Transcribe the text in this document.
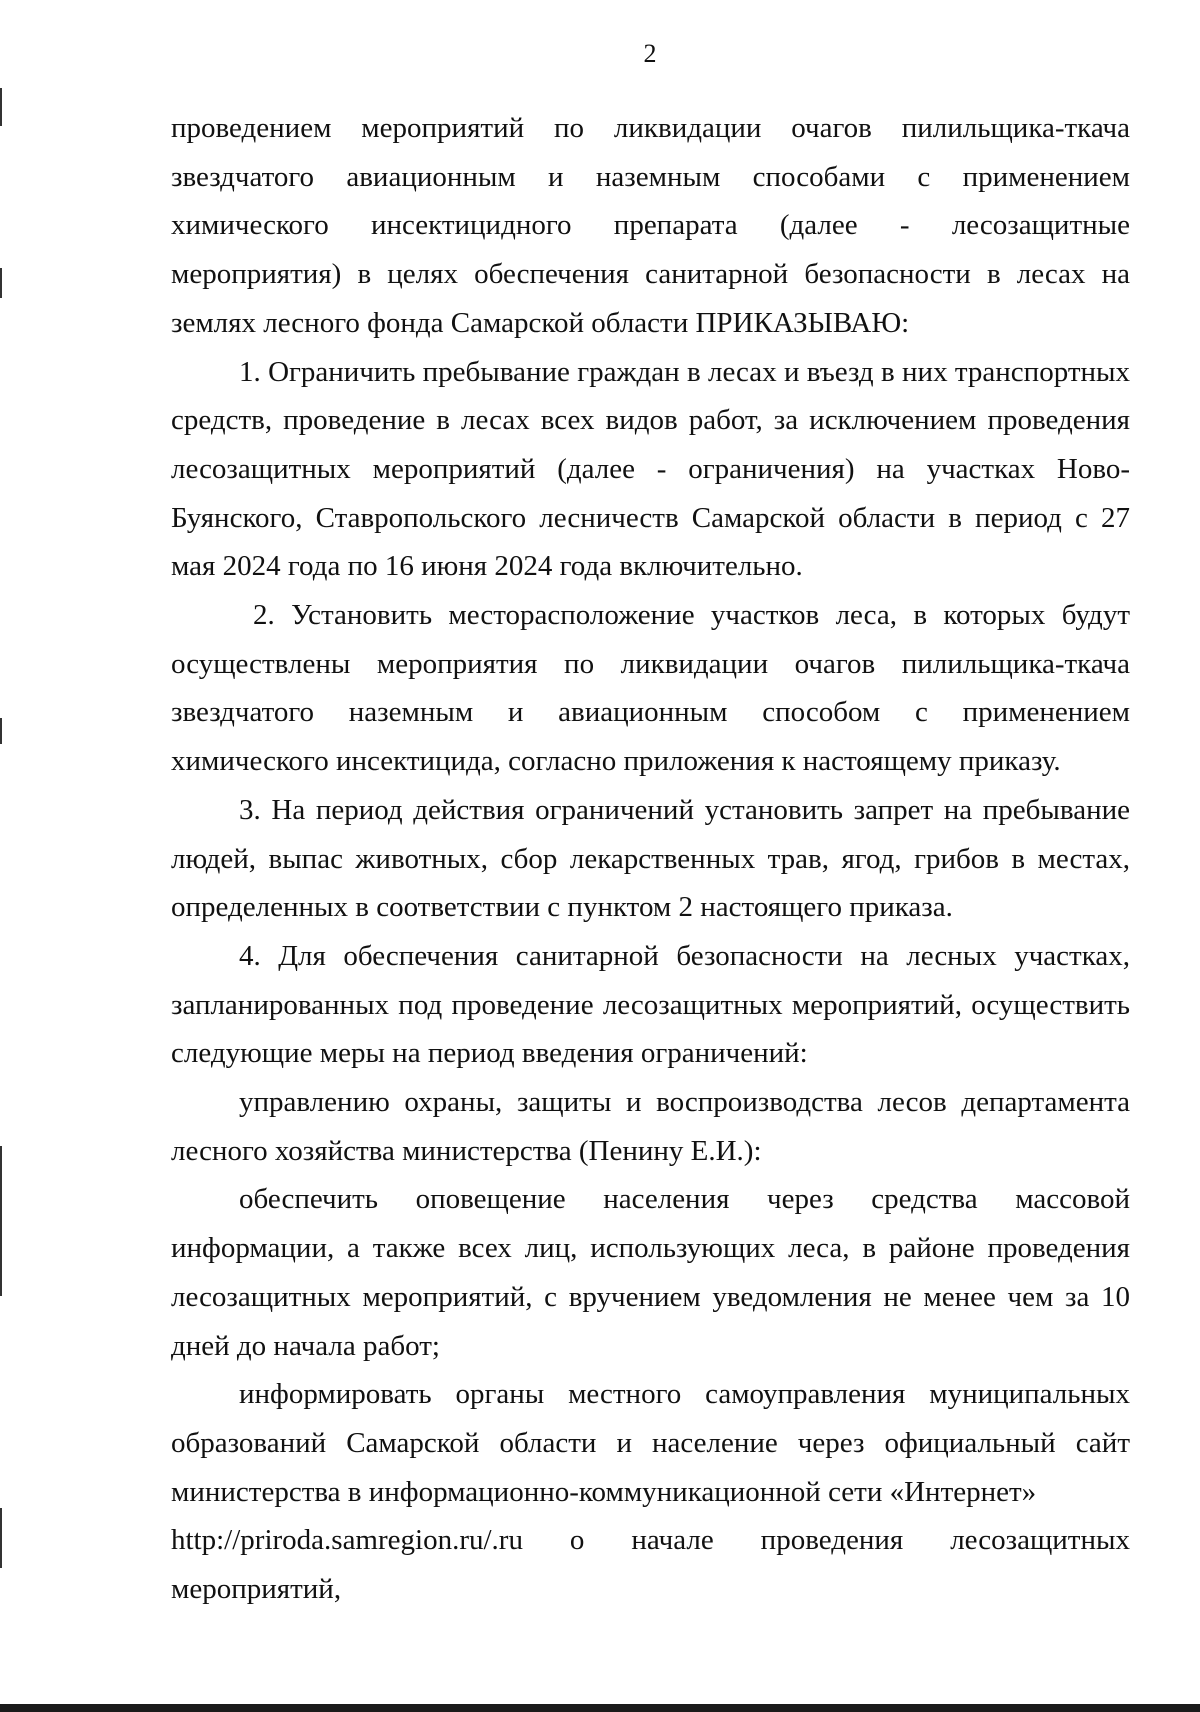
2

проведением мероприятий по ликвидации очагов пилильщика-ткача звездчатого авиационным и наземным способами с применением химического инсектицидного препарата (далее - лесозащитные мероприятия) в целях обеспечения санитарной безопасности в лесах на землях лесного фонда Самарской области ПРИКАЗЫВАЮ:

1. Ограничить пребывание граждан в лесах и въезд в них транспортных средств, проведение в лесах всех видов работ, за исключением проведения лесозащитных мероприятий (далее - ограничения) на участках Ново-Буянского, Ставропольского лесничеств Самарской области в период с 27 мая 2024 года по 16 июня 2024 года включительно.

2. Установить месторасположение участков леса, в которых будут осуществлены мероприятия по ликвидации очагов пилильщика-ткача звездчатого наземным и авиационным способом с применением химического инсектицида, согласно приложения к настоящему приказу.

3. На период действия ограничений установить запрет на пребывание людей, выпас животных, сбор лекарственных трав, ягод, грибов в местах, определенных в соответствии с пунктом 2 настоящего приказа.

4. Для обеспечения санитарной безопасности на лесных участках, запланированных под проведение лесозащитных мероприятий, осуществить следующие меры на период введения ограничений:

управлению охраны, защиты и воспроизводства лесов департамента лесного хозяйства министерства (Пенину Е.И.):

обеспечить оповещение населения через средства массовой информации, а также всех лиц, использующих леса, в районе проведения лесозащитных мероприятий, с вручением уведомления не менее чем за 10 дней до начала работ;

информировать органы местного самоуправления муниципальных образований Самарской области и население через официальный сайт министерства в информационно-коммуникационной сети «Интернет»
http://priroda.samregion.ru/.ru о начале проведения лесозащитных мероприятий,
